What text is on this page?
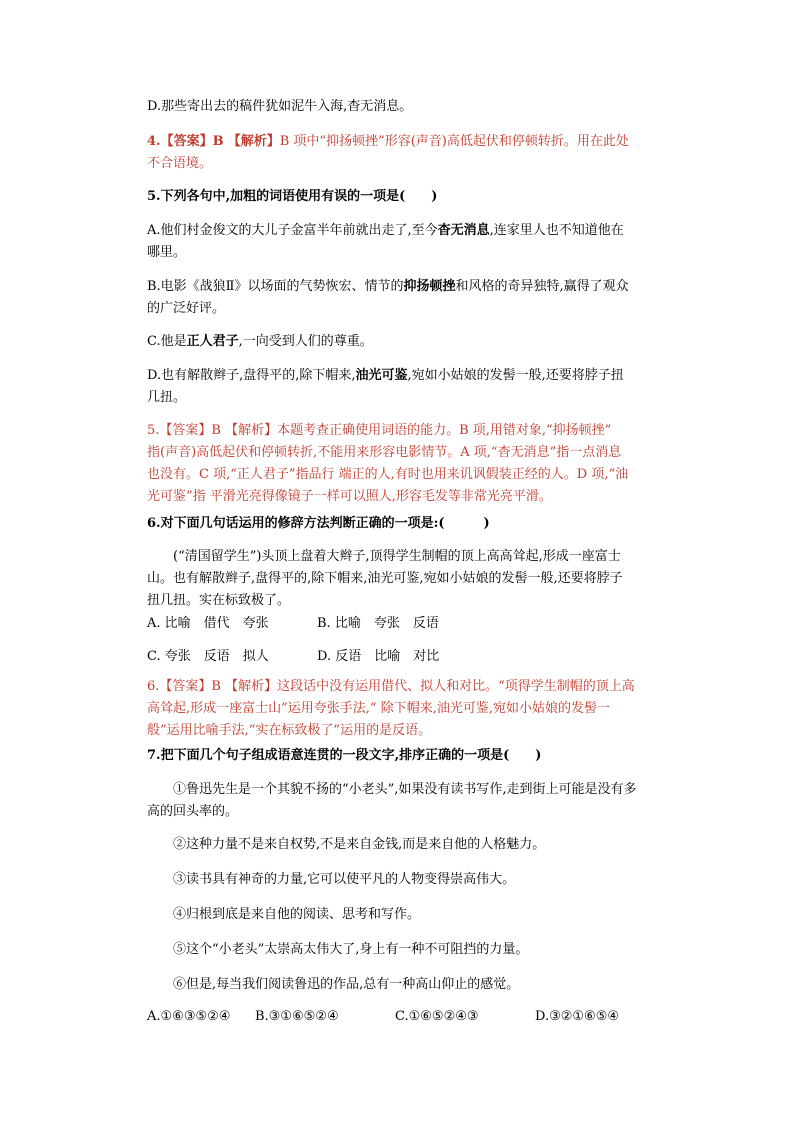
D.那些寄出去的稿件犹如泥牛入海,杳无消息。

4.【答案】B 【解析】B 项中“抑扬顿挫”形容(声音)高低起伏和停顿转折。用在此处
不合语境。

5.下列各句中,加粗的词语使用有误的一项是(　　)

A.他们村金俊文的大儿子金富半年前就出走了,至今杳无消息,连家里人也不知道他在
哪里。
B.电影《战狼Ⅱ》以场面的气势恢宏、情节的抑扬顿挫和风格的奇异独特,赢得了观众
的广泛好评。
C.他是正人君子,一向受到人们的尊重。
D.也有解散辫子,盘得平的,除下帽来,油光可鉴,宛如小姑娘的发髻一般,还要将脖子扭
几扭。
5.【答案】B 【解析】本题考查正确使用词语的能力。B 项,用错对象,“抑扬顿挫”
指(声音)高低起伏和停顿转折,不能用来形容电影情节。A 项,“杳无消息”指一点消息
也没有。C 项,“正人君子”指品行 端正的人,有时也用来讥讽假装正经的人。D 项,“油
光可鉴”指 平滑光亮得像镜子一样可以照人,形容毛发等非常光亮平滑。

6.对下面几句话运用的修辞方法判断正确的一项是:(　　　)

(“清国留学生”)头顶上盘着大辫子,顶得学生制帽的顶上高高耸起,形成一座富士
山。也有解散辫子,盘得平的,除下帽来,油光可鉴,宛如小姑娘的发髻一般,还要将脖子
扭几扭。实在标致极了。
A. 比喻　借代　夸张	B. 比喻　夸张　反语
C. 夸张　反语　拟人	D. 反语　比喻　对比
6.【答案】B 【解析】这段话中没有运用借代、拟人和对比。“项得学生制帽的顶上高
高耸起,形成一座富士山”运用夸张手法,“ 除下帽来,油光可鉴,宛如小姑娘的发髻一
般”运用比喻手法,“实在标致极了”运用的是反语。

7.把下面几个句子组成语意连贯的一段文字,排序正确的一项是(　　)

①鲁迅先生是一个其貌不扬的“小老头”,如果没有读书写作,走到街上可能是没有多
高的回头率的。

②这种力量不是来自权势,不是来自金钱,而是来自他的人格魅力。

③读书具有神奇的力量,它可以使平凡的人物变得崇高伟大。

④归根到底是来自他的阅读、思考和写作。

⑤这个“小老头”太崇高太伟大了,身上有一种不可阻挡的力量。

⑥但是,每当我们阅读鲁迅的作品,总有一种高山仰止的感觉。

A.①⑥③⑤②④ B.③①⑥⑤②④	C.①⑥⑤②④③	D.③②①⑥⑤④
